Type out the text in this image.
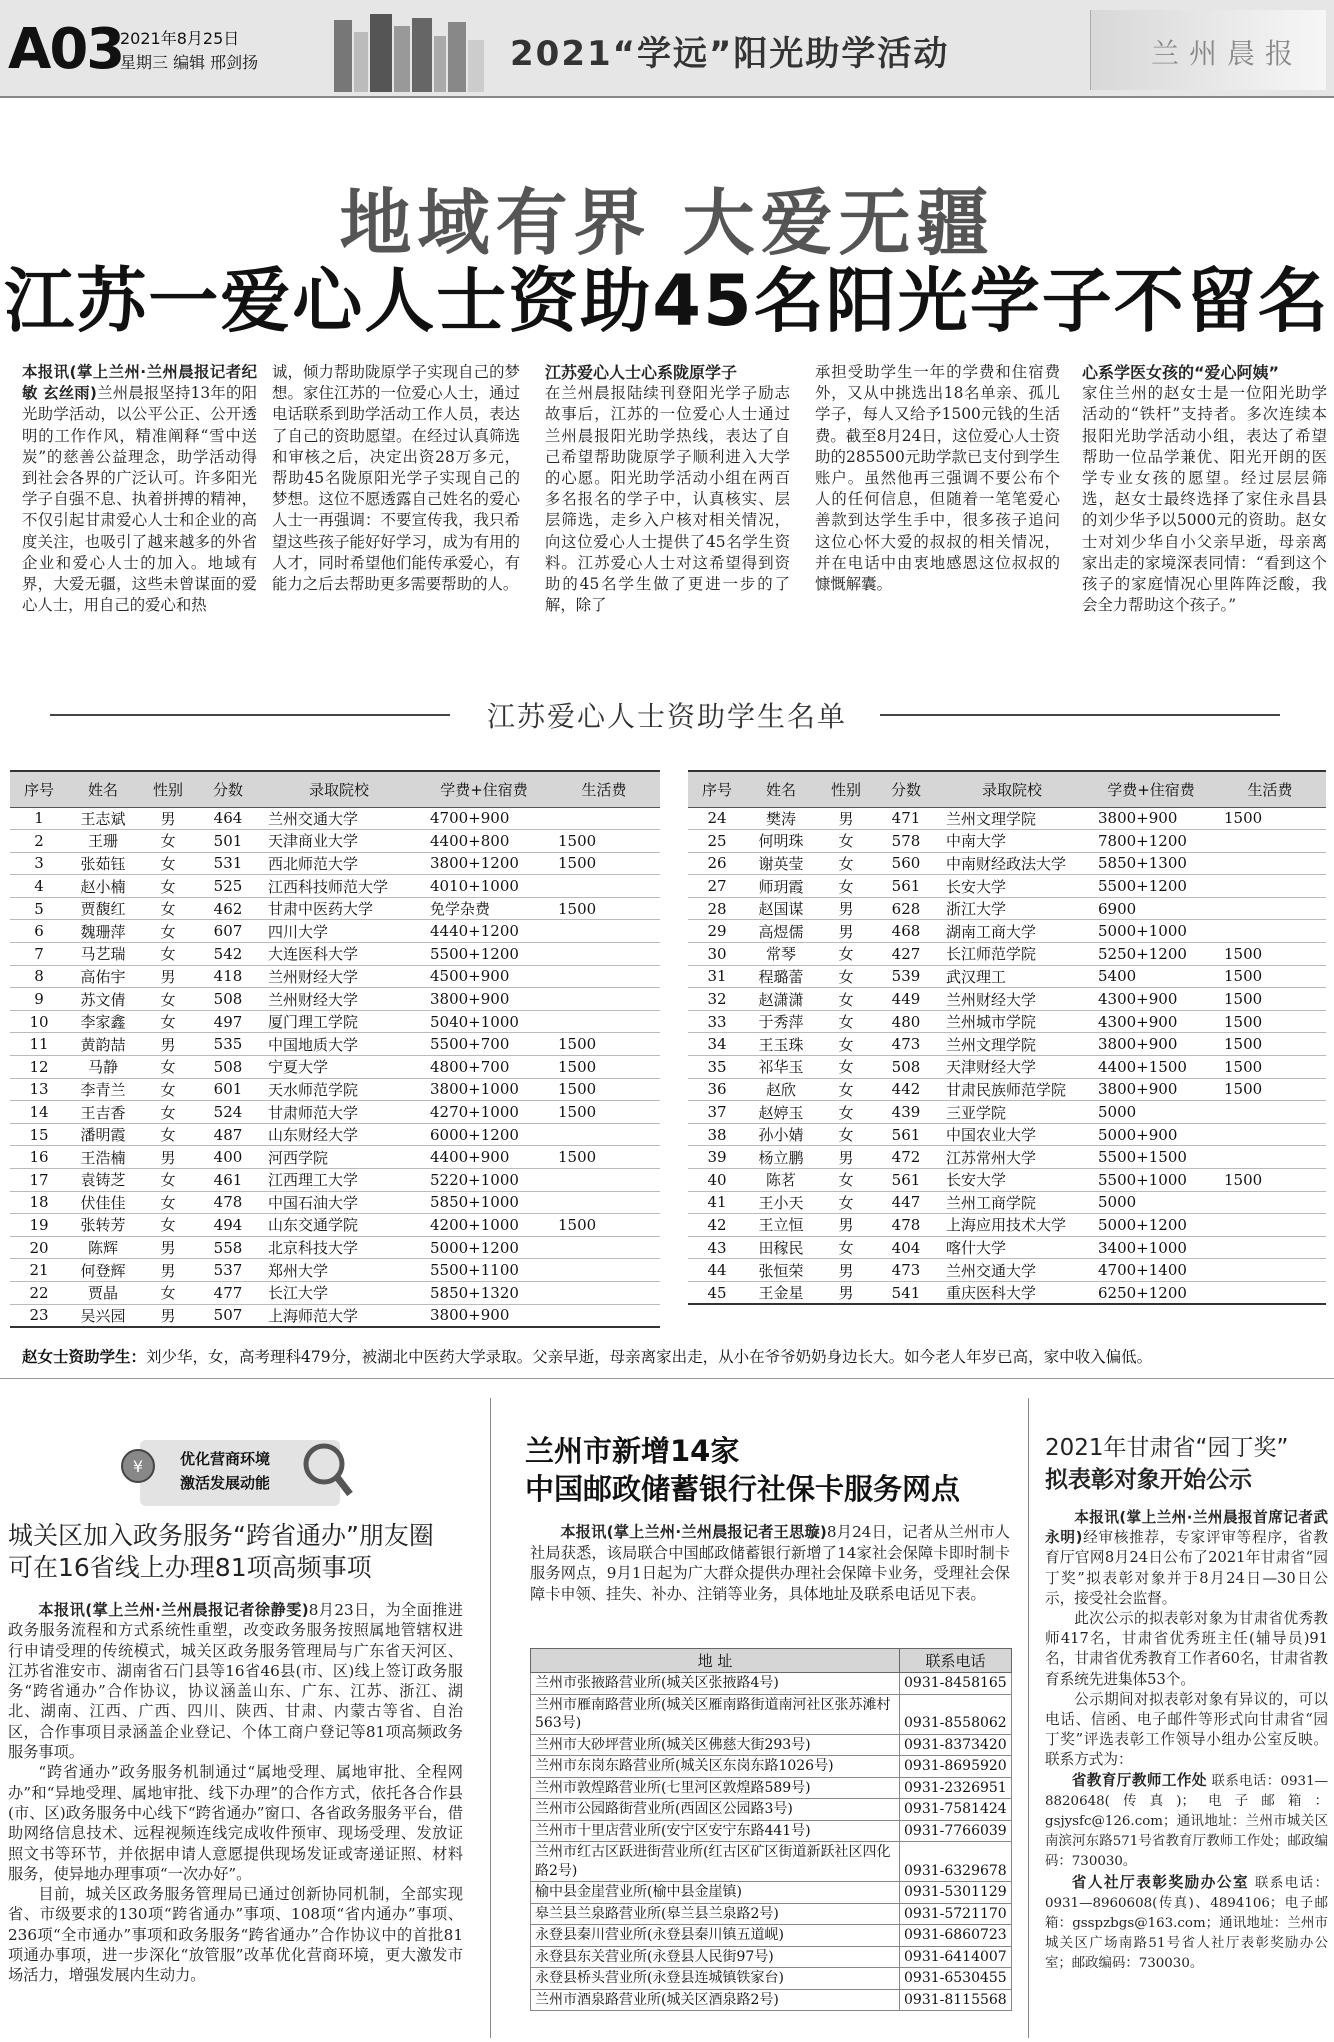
A03
2021年8月25日
星期三 编辑 邢剑扬	2021“学远”阳光助学活动	兰州晨报
地域有界 大爱无疆
江苏一爱心人士资助45名阳光学子不留名
本报讯(掌上兰州·兰州晨报记者纪敏 玄丝雨)兰州晨报坚持13年的阳光助学活动，以公平公正、公开透明的工作作风，精准阐释“雪中送炭”的慈善公益理念，助学活动得到社会各界的广泛认可。许多阳光学子自强不息、执着拼搏的精神，不仅引起甘肃爱心人士和企业的高度关注，也吸引了越来越多的外省企业和爱心人士的加入。地域有界，大爱无疆，这些未曾谋面的爱心人士，用自己的爱心和热
诚，倾力帮助陇原学子实现自己的梦想。家住江苏的一位爱心人士，通过电话联系到助学活动工作人员，表达了自己的资助愿望。在经过认真筛选和审核之后，决定出资28万多元，帮助45名陇原阳光学子实现自己的梦想。这位不愿透露自己姓名的爱心人士一再强调：不要宣传我，我只希望这些孩子能好好学习，成为有用的人才，同时希望他们能传承爱心，有能力之后去帮助更多需要帮助的人。
江苏爱心人士心系陇原学子
在兰州晨报陆续刊登阳光学子励志故事后，江苏的一位爱心人士通过兰州晨报阳光助学热线，表达了自己希望帮助陇原学子顺利进入大学的心愿。阳光助学活动小组在两百多名报名的学子中，认真核实、层层筛选，走乡入户核对相关情况，向这位爱心人士提供了45名学生资料。江苏爱心人士对这希望得到资助的45名学生做了更进一步的了解，除了
承担受助学生一年的学费和住宿费外，又从中挑选出18名单亲、孤儿学子，每人又给予1500元钱的生活费。截至8月24日，这位爱心人士资助的285500元助学款已支付到学生账户。虽然他再三强调不要公布个人的任何信息，但随着一笔笔爱心善款到达学生手中，很多孩子追问这位心怀大爱的叔叔的相关情况，并在电话中由衷地感恩这位叔叔的慷慨解囊。
心系学医女孩的“爱心阿姨”
家住兰州的赵女士是一位阳光助学活动的“铁杆”支持者。多次连续本报阳光助学活动小组，表达了希望帮助一位品学兼优、阳光开朗的医学专业女孩的愿望。经过层层筛选，赵女士最终选择了家住永昌县的刘少华予以5000元的资助。赵女士对刘少华自小父亲早逝，母亲离家出走的家境深表同情：“看到这个孩子的家庭情况心里阵阵泛酸，我会全力帮助这个孩子。”
江苏爱心人士资助学生名单
序号	姓名	性别	分数	录取院校	学费+住宿费	生活费
1	王志斌	男	464	兰州交通大学	4700+900	
2	王珊	女	501	天津商业大学	4400+800	1500
3	张茹钰	女	531	西北师范大学	3800+1200	1500
4	赵小楠	女	525	江西科技师范大学	4010+1000	
5	贾馥红	女	462	甘肃中医药大学	免学杂费	1500
6	魏珊萍	女	607	四川大学	4440+1200	
7	马艺瑞	女	542	大连医科大学	5500+1200	
8	高佑宇	男	418	兰州财经大学	4500+900	
9	苏文倩	女	508	兰州财经大学	3800+900	
10	李家鑫	女	497	厦门理工学院	5040+1000	
11	黄韵喆	男	535	中国地质大学	5500+700	1500
12	马静	女	508	宁夏大学	4800+700	1500
13	李青兰	女	601	天水师范学院	3800+1000	1500
14	王吉香	女	524	甘肃师范大学	4270+1000	1500
15	潘明霞	女	487	山东财经大学	6000+1200	
16	王浩楠	男	400	河西学院	4400+900	1500
17	袁铸芝	女	461	江西理工大学	5220+1000	
18	伏佳佳	女	478	中国石油大学	5850+1000	
19	张转芳	女	494	山东交通学院	4200+1000	1500
20	陈辉	男	558	北京科技大学	5000+1200	
21	何登辉	男	537	郑州大学	5500+1100	
22	贾晶	女	477	长江大学	5850+1320	
23	吴兴园	男	507	上海师范大学	3800+900	
序号	姓名	性别	分数	录取院校	学费+住宿费	生活费
24	樊涛	男	471	兰州文理学院	3800+900	1500
25	何明珠	女	578	中南大学	7800+1200	
26	谢英莹	女	560	中南财经政法大学	5850+1300	
27	师玥霞	女	561	长安大学	5500+1200	
28	赵国谋	男	628	浙江大学	6900	
29	高煜儒	男	468	湖南工商大学	5000+1000	
30	常琴	女	427	长江师范学院	5250+1200	1500
31	程璐蕾	女	539	武汉理工	5400	1500
32	赵潇潇	女	449	兰州财经大学	4300+900	1500
33	于秀萍	女	480	兰州城市学院	4300+900	1500
34	王玉珠	女	473	兰州文理学院	3800+900	1500
35	祁华玉	女	508	天津财经大学	4400+1500	1500
36	赵欣	女	442	甘肃民族师范学院	3800+900	1500
37	赵婷玉	女	439	三亚学院	5000	
38	孙小婧	女	561	中国农业大学	5000+900	
39	杨立鹏	男	472	江苏常州大学	5500+1500	
40	陈茗	女	561	长安大学	5500+1000	1500
41	王小天	女	447	兰州工商学院	5000	
42	王立恒	男	478	上海应用技术大学	5000+1200	
43	田稼民	女	404	喀什大学	3400+1000	
44	张恒荣	男	473	兰州交通大学	4700+1400	
45	王金星	男	541	重庆医科大学	6250+1200	
赵女士资助学生：刘少华，女，高考理科479分，被湖北中医药大学录取。父亲早逝，母亲离家出走，从小在爷爷奶奶身边长大。如今老人年岁已高，家中收入偏低。
优化营商环境
激活发展动能
¥
城关区加入政务服务“跨省通办”朋友圈
可在16省线上办理81项高频事项
本报讯(掌上兰州·兰州晨报记者徐静雯)8月23日，为全面推进政务服务流程和方式系统性重塑，改变政务服务按照属地管辖权进行申请受理的传统模式，城关区政务服务管理局与广东省天河区、江苏省淮安市、湖南省石门县等16省46县(市、区)线上签订政务服务“跨省通办”合作协议，协议涵盖山东、广东、江苏、浙江、湖北、湖南、江西、广西、四川、陕西、甘肃、内蒙古等省、自治区，合作事项目录涵盖企业登记、个体工商户登记等81项高频政务服务事项。
“跨省通办”政务服务机制通过“属地受理、属地审批、全程网办”和“异地受理、属地审批、线下办理”的合作方式，依托各合作县(市、区)政务服务中心线下“跨省通办”窗口、各省政务服务平台，借助网络信息技术、远程视频连线完成收件预审、现场受理、发放证照文书等环节，并依据申请人意愿提供现场发证或寄递证照、材料服务，使异地办理事项“一次办好”。
目前，城关区政务服务管理局已通过创新协同机制，全部实现省、市级要求的130项“跨省通办”事项、108项“省内通办”事项、236项“全市通办”事项和政务服务“跨省通办”合作协议中的首批81项通办事项，进一步深化“放管服”改革优化营商环境，更大激发市场活力，增强发展内生动力。
兰州市新增14家
中国邮政储蓄银行社保卡服务网点
本报讯(掌上兰州·兰州晨报记者王思璇)8月24日，记者从兰州市人社局获悉，该局联合中国邮政储蓄银行新增了14家社会保障卡即时制卡服务网点，9月1日起为广大群众提供办理社会保障卡业务，受理社会保障卡申领、挂失、补办、注销等业务，具体地址及联系电话见下表。
地 址	联系电话
兰州市张掖路营业所(城关区张掖路4号)	0931-8458165
兰州市雁南路营业所(城关区雁南路街道南河社区张苏滩村563号)	0931-8558062
兰州市大砂坪营业所(城关区佛慈大街293号)	0931-8373420
兰州市东岗东路营业所(城关区东岗东路1026号)	0931-8695920
兰州市敦煌路营业所(七里河区敦煌路589号)	0931-2326951
兰州市公园路街营业所(西固区公园路3号)	0931-7581424
兰州市十里店营业所(安宁区安宁东路441号)	0931-7766039
兰州市红古区跃进街营业所(红古区矿区街道新跃社区四化路2号)	0931-6329678
榆中县金崖营业所(榆中县金崖镇)	0931-5301129
皋兰县兰泉路营业所(皋兰县兰泉路2号)	0931-5721170
永登县秦川营业所(永登县秦川镇五道岘)	0931-6860723
永登县东关营业所(永登县人民街97号)	0931-6414007
永登县桥头营业所(永登县连城镇铁家台)	0931-6530455
兰州市酒泉路营业所(城关区酒泉路2号)	0931-8115568
2021年甘肃省“园丁奖”
拟表彰对象开始公示
本报讯(掌上兰州·兰州晨报首席记者武永明)经审核推荐，专家评审等程序，省教育厅官网8月24日公布了2021年甘肃省“园丁奖”拟表彰对象并于8月24日—30日公示，接受社会监督。
此次公示的拟表彰对象为甘肃省优秀教师417名，甘肃省优秀班主任(辅导员)91名，甘肃省优秀教育工作者60名，甘肃省教育系统先进集体53个。
公示期间对拟表彰对象有异议的，可以电话、信函、电子邮件等形式向甘肃省“园丁奖”评选表彰工作领导小组办公室反映。联系方式为：
省教育厅教师工作处 联系电话：0931—8820648(传真)；电子邮箱：gsjysfc@126.com；通讯地址：兰州市城关区南滨河东路571号省教育厅教师工作处；邮政编码：730030。
省人社厅表彰奖励办公室 联系电话：0931—8960608(传真)、4894106；电子邮箱：gsspzbgs@163.com；通讯地址：兰州市城关区广场南路51号省人社厅表彰奖励办公室；邮政编码：730030。
